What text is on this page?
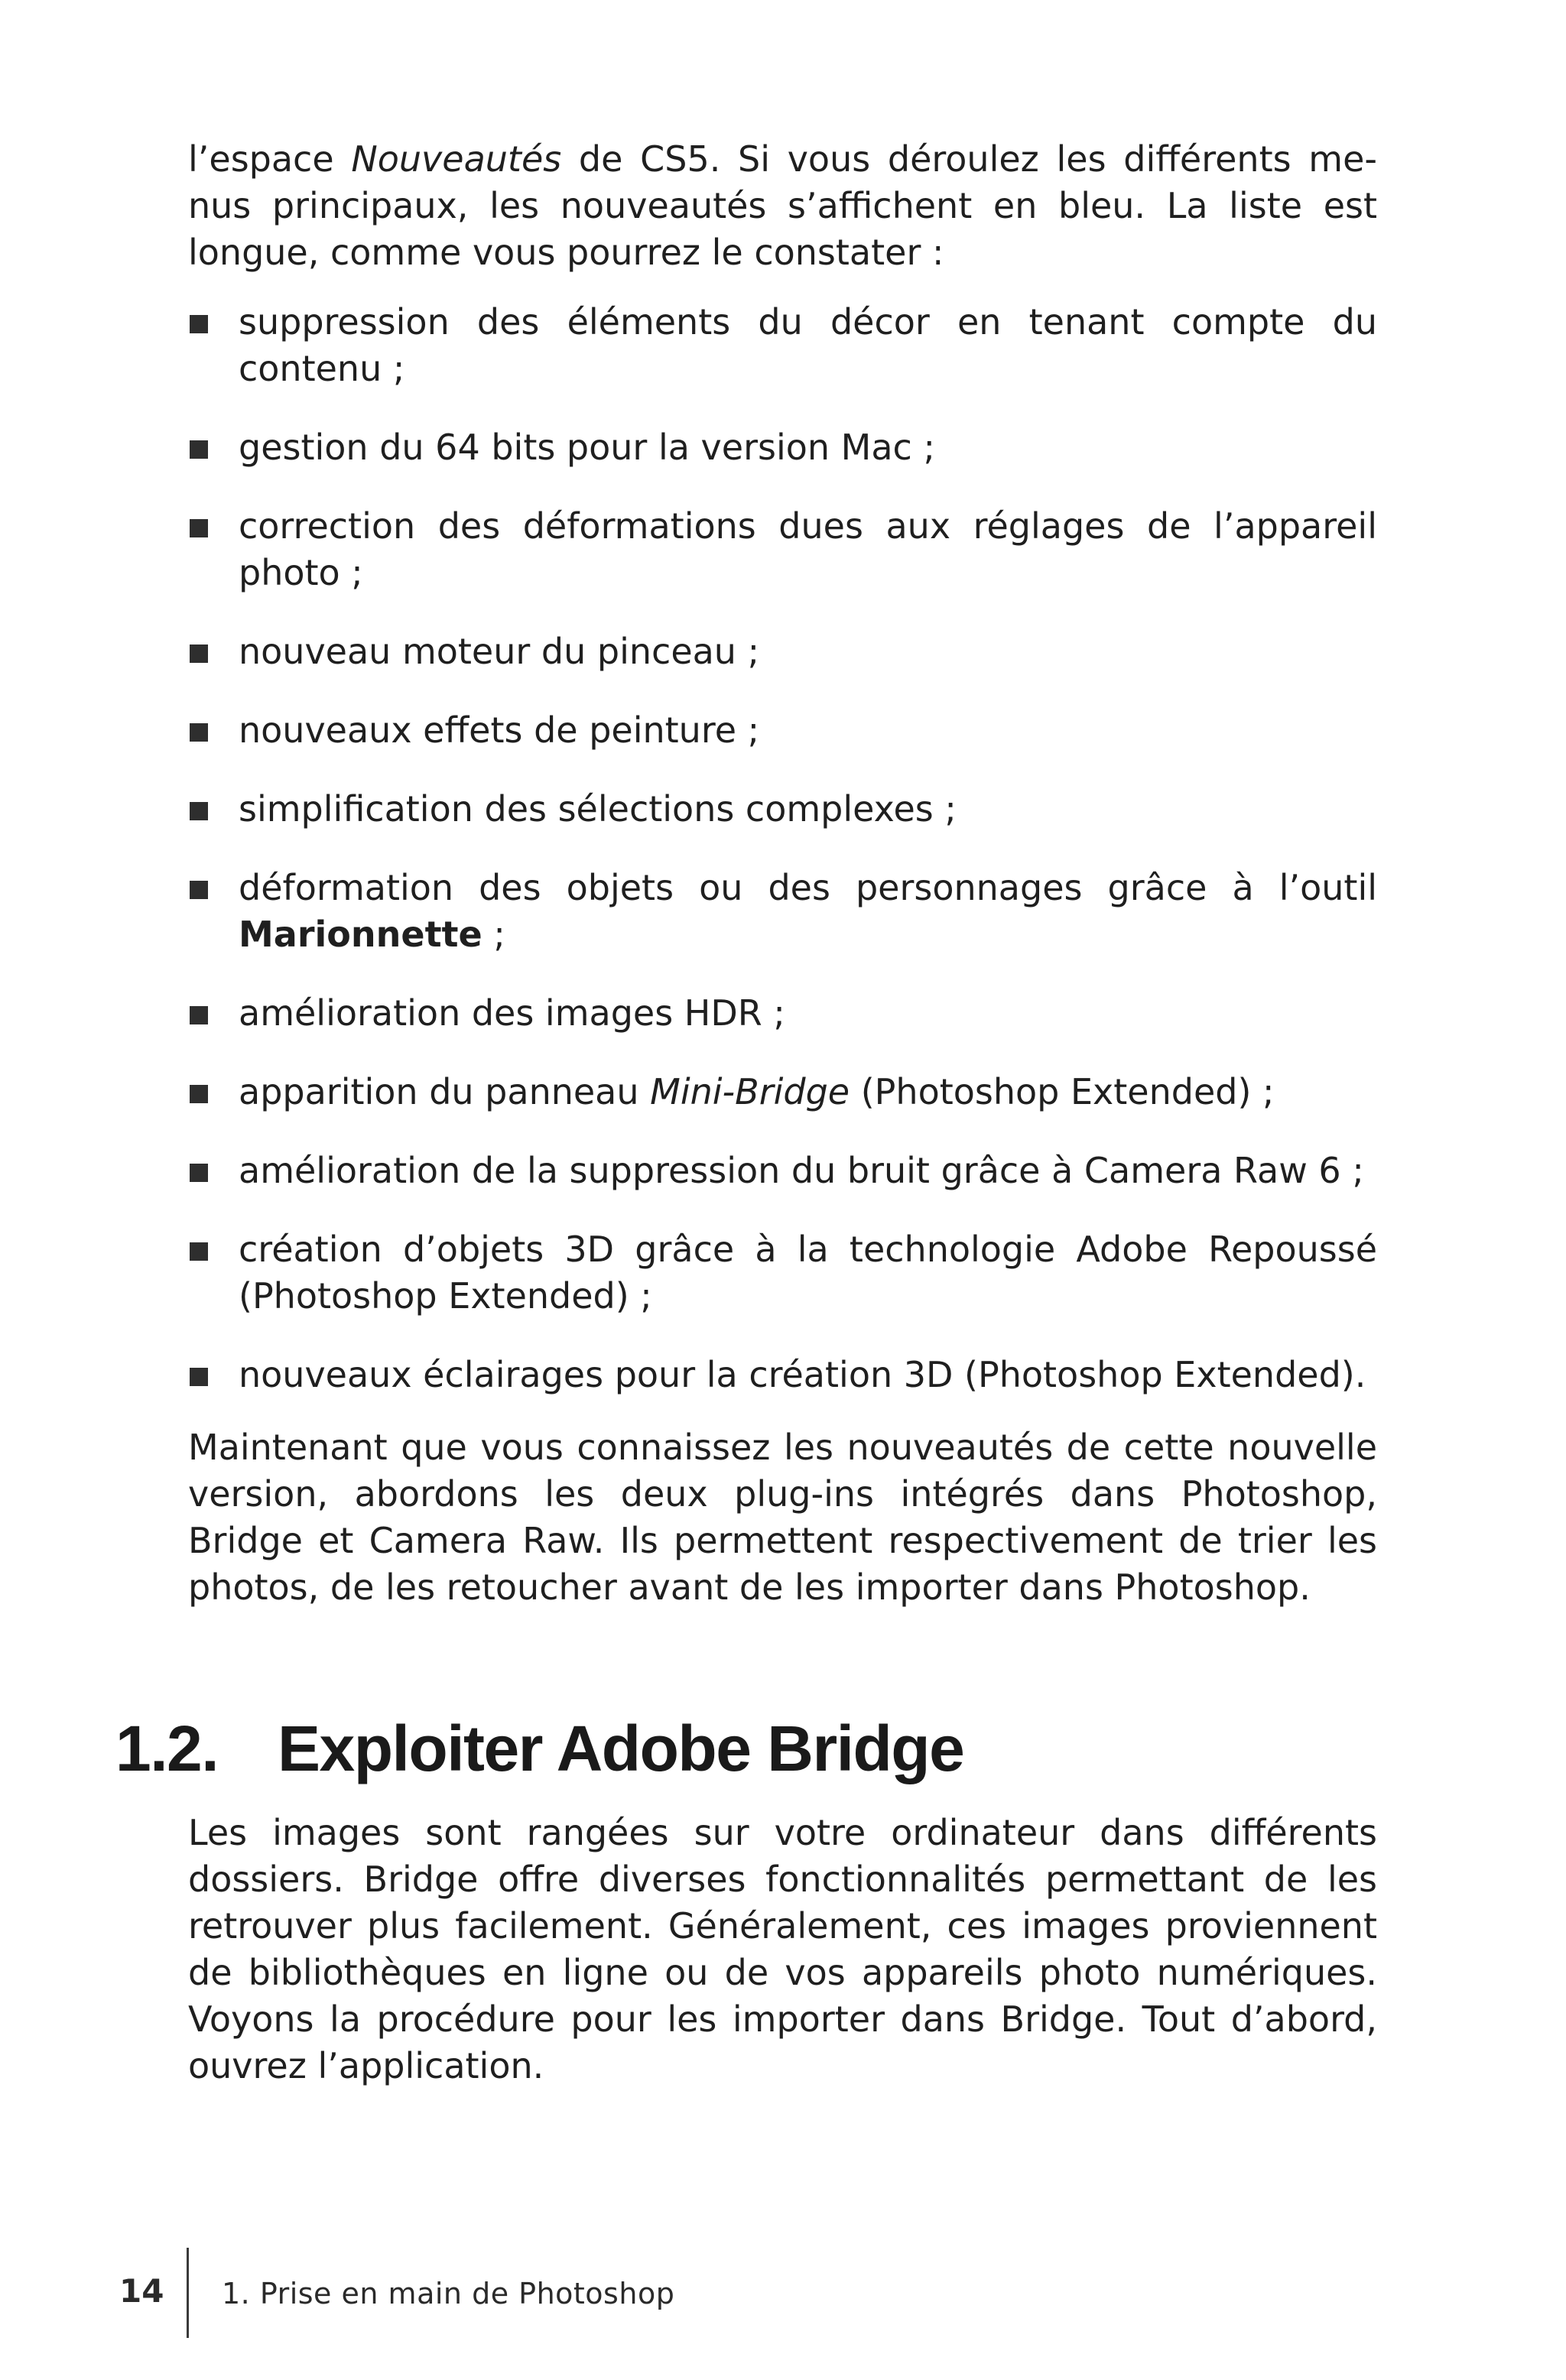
l’espace Nouveautés de CS5. Si vous déroulez les différents me-nus principaux, les nouveautés s’affichent en bleu. La liste est longue, comme vous pourrez le constater :

suppression des éléments du décor en tenant compte du contenu ;
gestion du 64 bits pour la version Mac ;
correction des déformations dues aux réglages de l’appareil photo ;
nouveau moteur du pinceau ;
nouveaux effets de peinture ;
simplification des sélections complexes ;
déformation des objets ou des personnages grâce à l’outil Marionnette ;
amélioration des images HDR ;
apparition du panneau Mini-Bridge (Photoshop Extended) ;
amélioration de la suppression du bruit grâce à Camera Raw 6 ;
création d’objets 3D grâce à la technologie Adobe Repoussé (Photoshop Extended) ;
nouveaux éclairages pour la création 3D (Photoshop Extended).

Maintenant que vous connaissez les nouveautés de cette nouvelle version, abordons les deux plug-ins intégrés dans Photoshop, Bridge et Camera Raw. Ils permettent respectivement de trier les photos, de les retoucher avant de les importer dans Photoshop.

1.2. Exploiter Adobe Bridge

Les images sont rangées sur votre ordinateur dans différents dossiers. Bridge offre diverses fonctionnalités permettant de les retrouver plus facilement. Généralement, ces images proviennent de bibliothèques en ligne ou de vos appareils photo numériques. Voyons la procédure pour les importer dans Bridge. Tout d’abord, ouvrez l’application.

14 1. Prise en main de Photoshop
